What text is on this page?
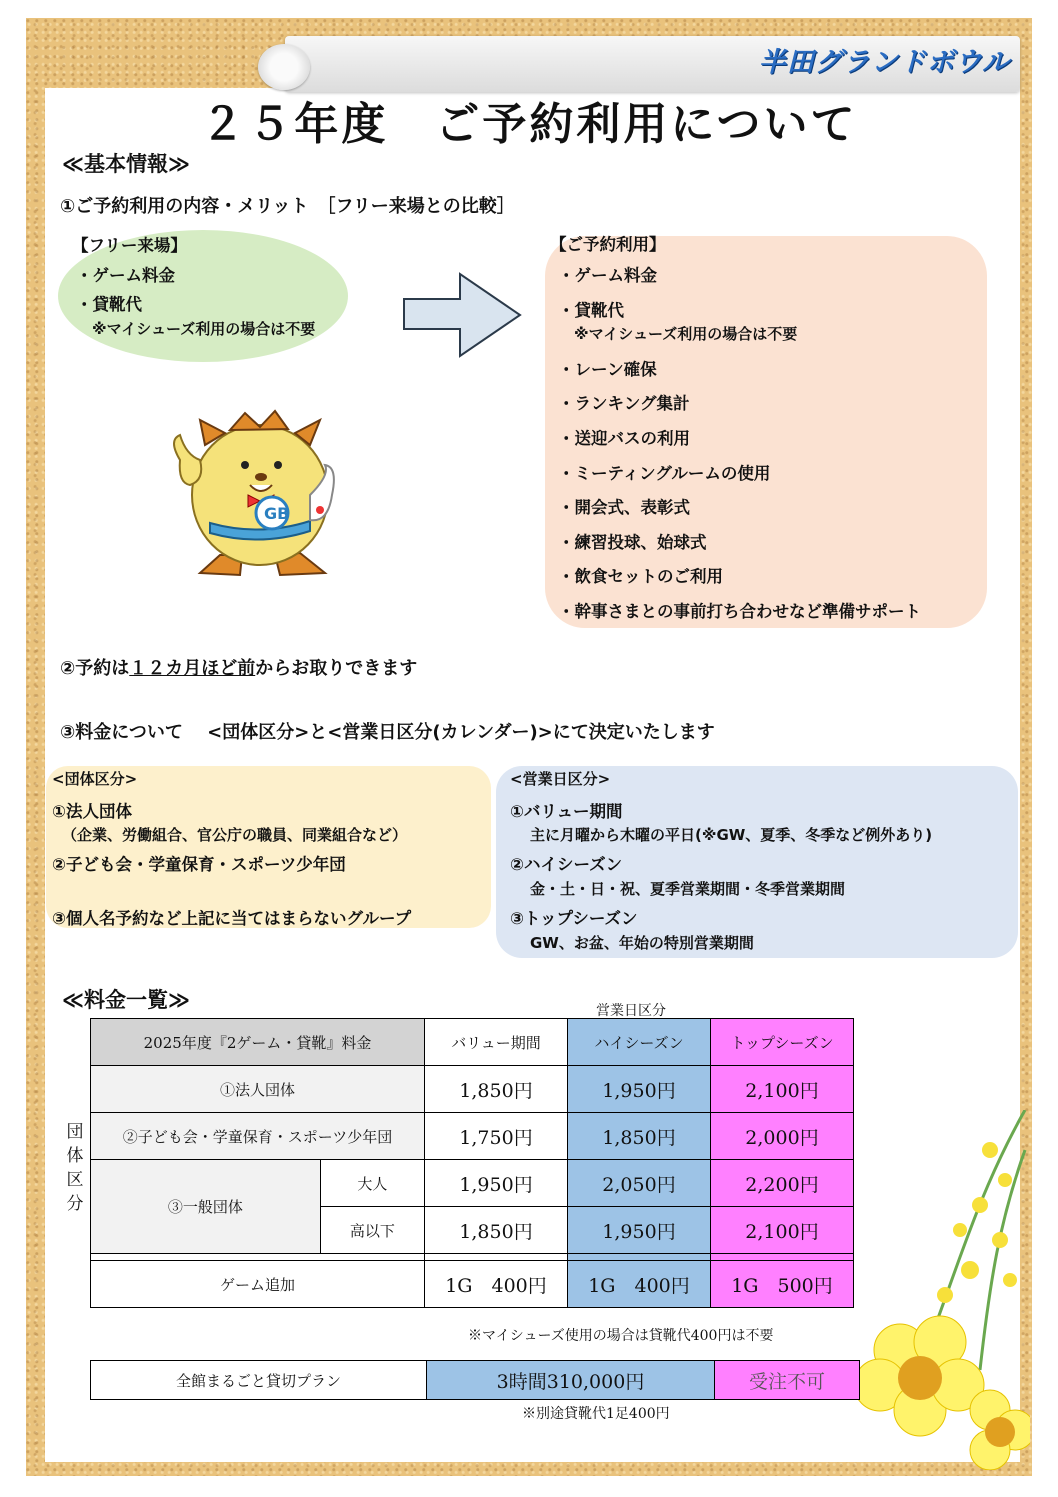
半田グランドボウル
２５年度　ご予約利用について
≪基本情報≫
①ご予約利用の内容・メリット　［フリー来場との比較］
【フリー来場】
・ゲーム料金
・貸靴代
※マイシューズ利用の場合は不要
【ご予約利用】
・ゲーム料金
・貸靴代
※マイシューズ利用の場合は不要
・レーン確保
・ランキング集計
・送迎バスの利用
・ミーティングルームの使用
・開会式、表彰式
・練習投球、始球式
・飲食セットのご利用
・幹事さまとの事前打ち合わせなど準備サポート
GB
②予約は１２カ月ほど前からお取りできます
③料金について　 <団体区分>と<営業日区分(カレンダー)>にて決定いたします
<団体区分>
①法人団体
（企業、労働組合、官公庁の職員、同業組合など）
②子ども会・学童保育・スポーツ少年団
③個人名予約など上記に当てはまらないグループ
<営業日区分>
①バリュー期間
主に月曜から木曜の平日(※GW、夏季、冬季など例外あり)
②ハイシーズン
金・土・日・祝、夏季営業期間・冬季営業期間
③トップシーズン
GW、お盆、年始の特別営業期間
≪料金一覧≫	営業日区分
団体区分
2025年度『2ゲーム・貸靴』料金		バリュー期間	ハイシーズン	トップシーズン
①法人団体		1,850円	1,950円	2,100円
②子ども会・学童保育・スポーツ少年団		1,750円	1,850円	2,000円
③一般団体	大人	1,950円	2,050円	2,200円
	高以下	1,850円	1,950円	2,100円

ゲーム追加		1G　400円	1G　400円	1G　500円
※マイシューズ使用の場合は貸靴代400円は不要
全館まるごと貸切プラン	3時間310,000円	受注不可
※別途貸靴代1足400円
